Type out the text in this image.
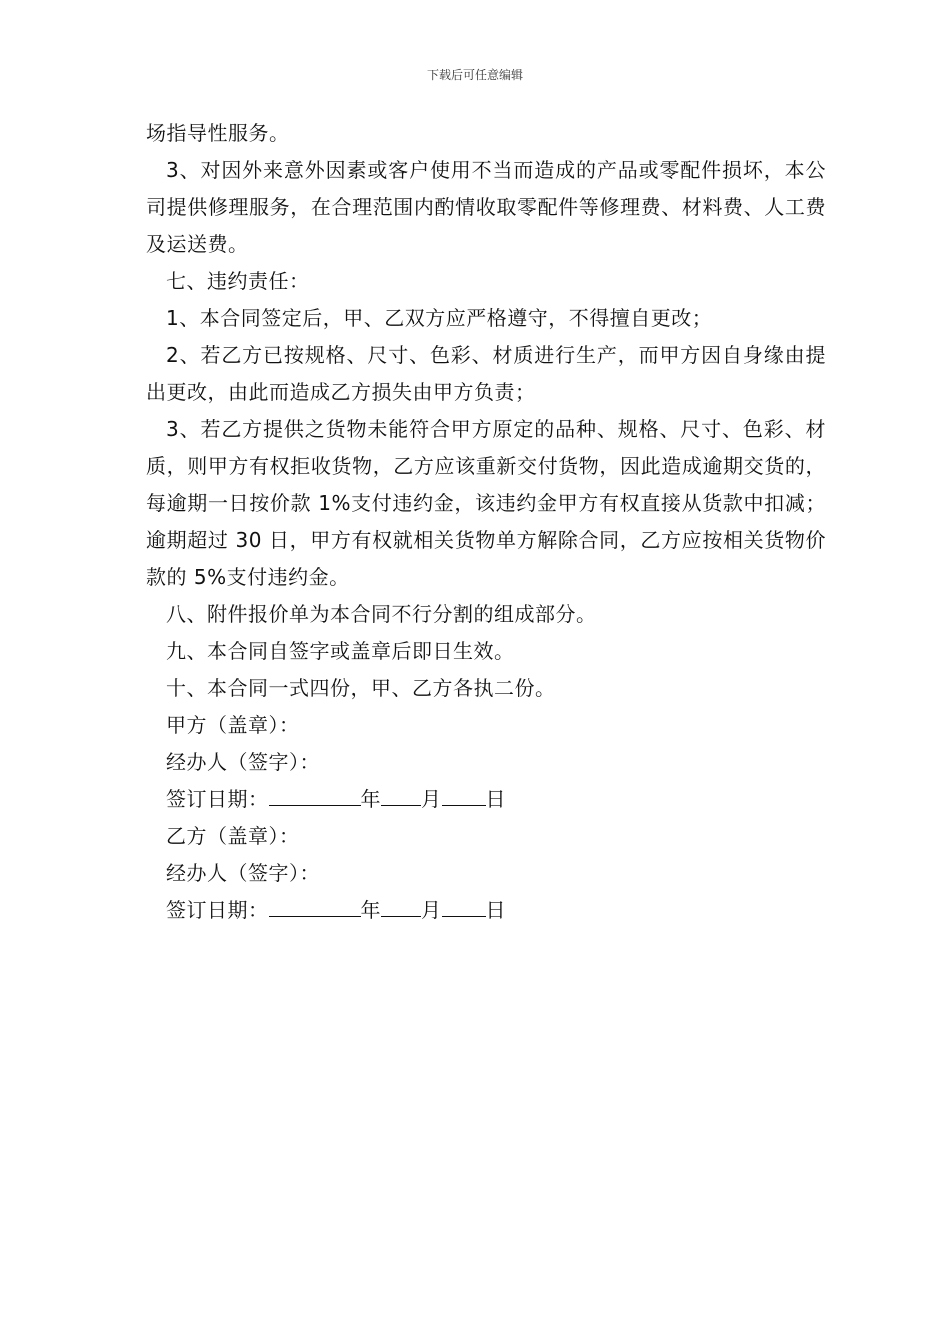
下载后可任意编辑

场指导性服务。

3、对因外来意外因素或客户使用不当而造成的产品或零配件损坏，本公司提供修理服务，在合理范围内酌情收取零配件等修理费、材料费、人工费及运送费。

七、违约责任：

1、本合同签定后，甲、乙双方应严格遵守，不得擅自更改；

2、若乙方已按规格、尺寸、色彩、材质进行生产，而甲方因自身缘由提出更改，由此而造成乙方损失由甲方负责；

3、若乙方提供之货物未能符合甲方原定的品种、规格、尺寸、色彩、材质，则甲方有权拒收货物，乙方应该重新交付货物，因此造成逾期交货的，每逾期一日按价款 1%支付违约金，该违约金甲方有权直接从货款中扣减；逾期超过 30 日，甲方有权就相关货物单方解除合同，乙方应按相关货物价款的 5%支付违约金。

八、附件报价单为本合同不行分割的组成部分。

九、本合同自签字或盖章后即日生效。

十、本合同一式四份，甲、乙方各执二份。

甲方（盖章）：

经办人（签字）：

签订日期：	年 月 日

乙方（盖章）：

经办人（签字）：

签订日期：	年 月 日
